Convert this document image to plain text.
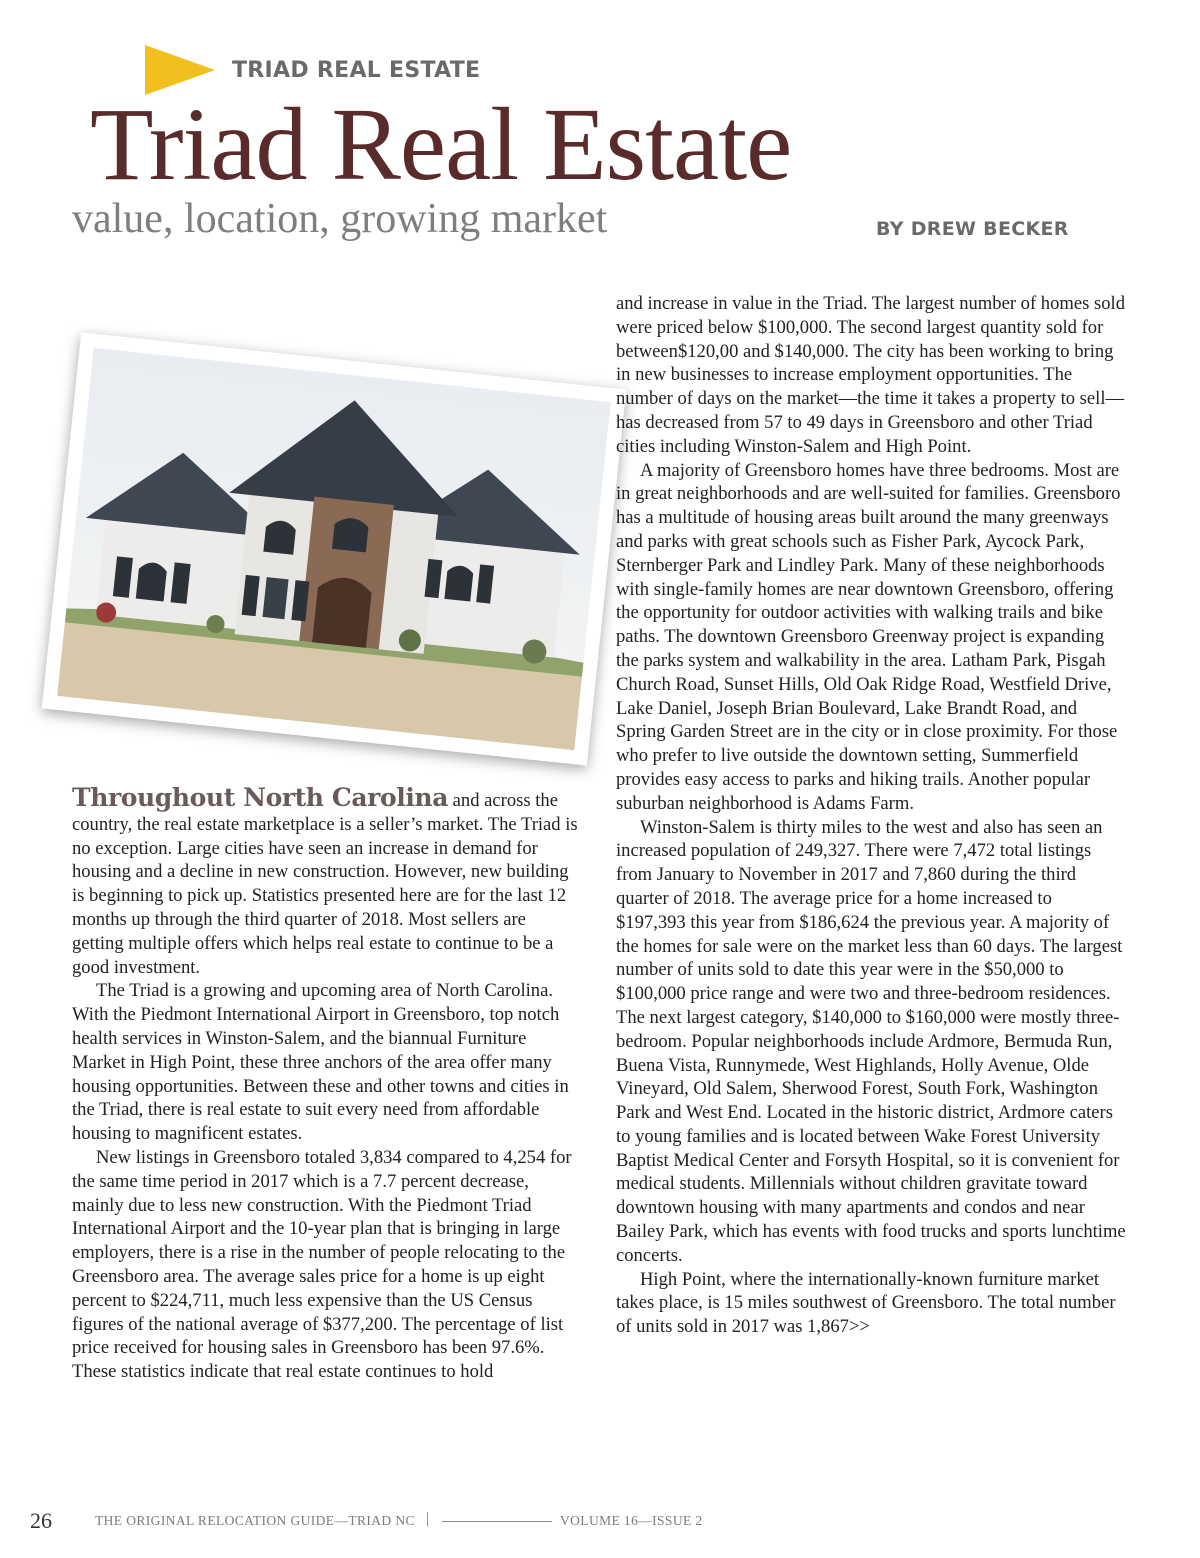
TRIAD REAL ESTATE
Triad Real Estate
value, location, growing market	BY DREW BECKER

Throughout North Carolina and across the country, the real estate marketplace is a seller’s market. The Triad is no exception. Large cities have seen an increase in demand for housing and a decline in new construction. However, new building is beginning to pick up. Statistics presented here are for the last 12 months up through the third quarter of 2018. Most sellers are getting multiple offers which helps real estate to continue to be a good investment.

The Triad is a growing and upcoming area of North Carolina. With the Piedmont International Airport in Greensboro, top notch health services in Winston-Salem, and the biannual Furniture Market in High Point, these three anchors of the area offer many housing opportunities. Between these and other towns and cities in the Triad, there is real estate to suit every need from affordable housing to magnificent estates.

New listings in Greensboro totaled 3,834 compared to 4,254 for the same time period in 2017 which is a 7.7 percent decrease, mainly due to less new construction. With the Piedmont Triad International Airport and the 10-year plan that is bringing in large employers, there is a rise in the number of people relocating to the Greensboro area. The average sales price for a home is up eight percent to $224,711, much less expensive than the US Census figures of the national average of $377,200. The percentage of list price received for housing sales in Greensboro has been 97.6%. These statistics indicate that real estate continues to hold

and increase in value in the Triad. The largest number of homes sold were priced below $100,000. The second largest quantity sold for between$120,00 and $140,000. The city has been working to bring in new businesses to increase employment opportunities. The number of days on the market—the time it takes a property to sell—has decreased from 57 to 49 days in Greensboro and other Triad cities including Winston-Salem and High Point.

A majority of Greensboro homes have three bedrooms. Most are in great neighborhoods and are well-suited for families. Greensboro has a multitude of housing areas built around the many greenways and parks with great schools such as Fisher Park, Aycock Park, Sternberger Park and Lindley Park. Many of these neighborhoods with single-family homes are near downtown Greensboro, offering the opportunity for outdoor activities with walking trails and bike paths. The downtown Greensboro Greenway project is expanding the parks system and walkability in the area. Latham Park, Pisgah Church Road, Sunset Hills, Old Oak Ridge Road, Westfield Drive, Lake Daniel, Joseph Brian Boulevard, Lake Brandt Road, and Spring Garden Street are in the city or in close proximity. For those who prefer to live outside the downtown setting, Summerfield provides easy access to parks and hiking trails. Another popular suburban neighborhood is Adams Farm.

Winston-Salem is thirty miles to the west and also has seen an increased population of 249,327. There were 7,472 total listings from January to November in 2017 and 7,860 during the third quarter of 2018. The average price for a home increased to $197,393 this year from $186,624 the previous year. A majority of the homes for sale were on the market less than 60 days. The largest number of units sold to date this year were in the $50,000 to $100,000 price range and were two and three-bedroom residences. The next largest category, $140,000 to $160,000 were mostly three-bedroom. Popular neighborhoods include Ardmore, Bermuda Run, Buena Vista, Runnymede, West Highlands, Holly Avenue, Olde Vineyard, Old Salem, Sherwood Forest, South Fork, Washington Park and West End. Located in the historic district, Ardmore caters to young families and is located between Wake Forest University Baptist Medical Center and Forsyth Hospital, so it is convenient for medical students. Millennials without children gravitate toward downtown housing with many apartments and condos and near Bailey Park, which has events with food trucks and sports lunchtime concerts.

High Point, where the internationally-known furniture market takes place, is 15 miles southwest of Greensboro. The total number of units sold in 2017 was 1,867>>

26	THE ORIGINAL RELOCATION GUIDE—TRIAD NC |	VOLUME 16—ISSUE 2
